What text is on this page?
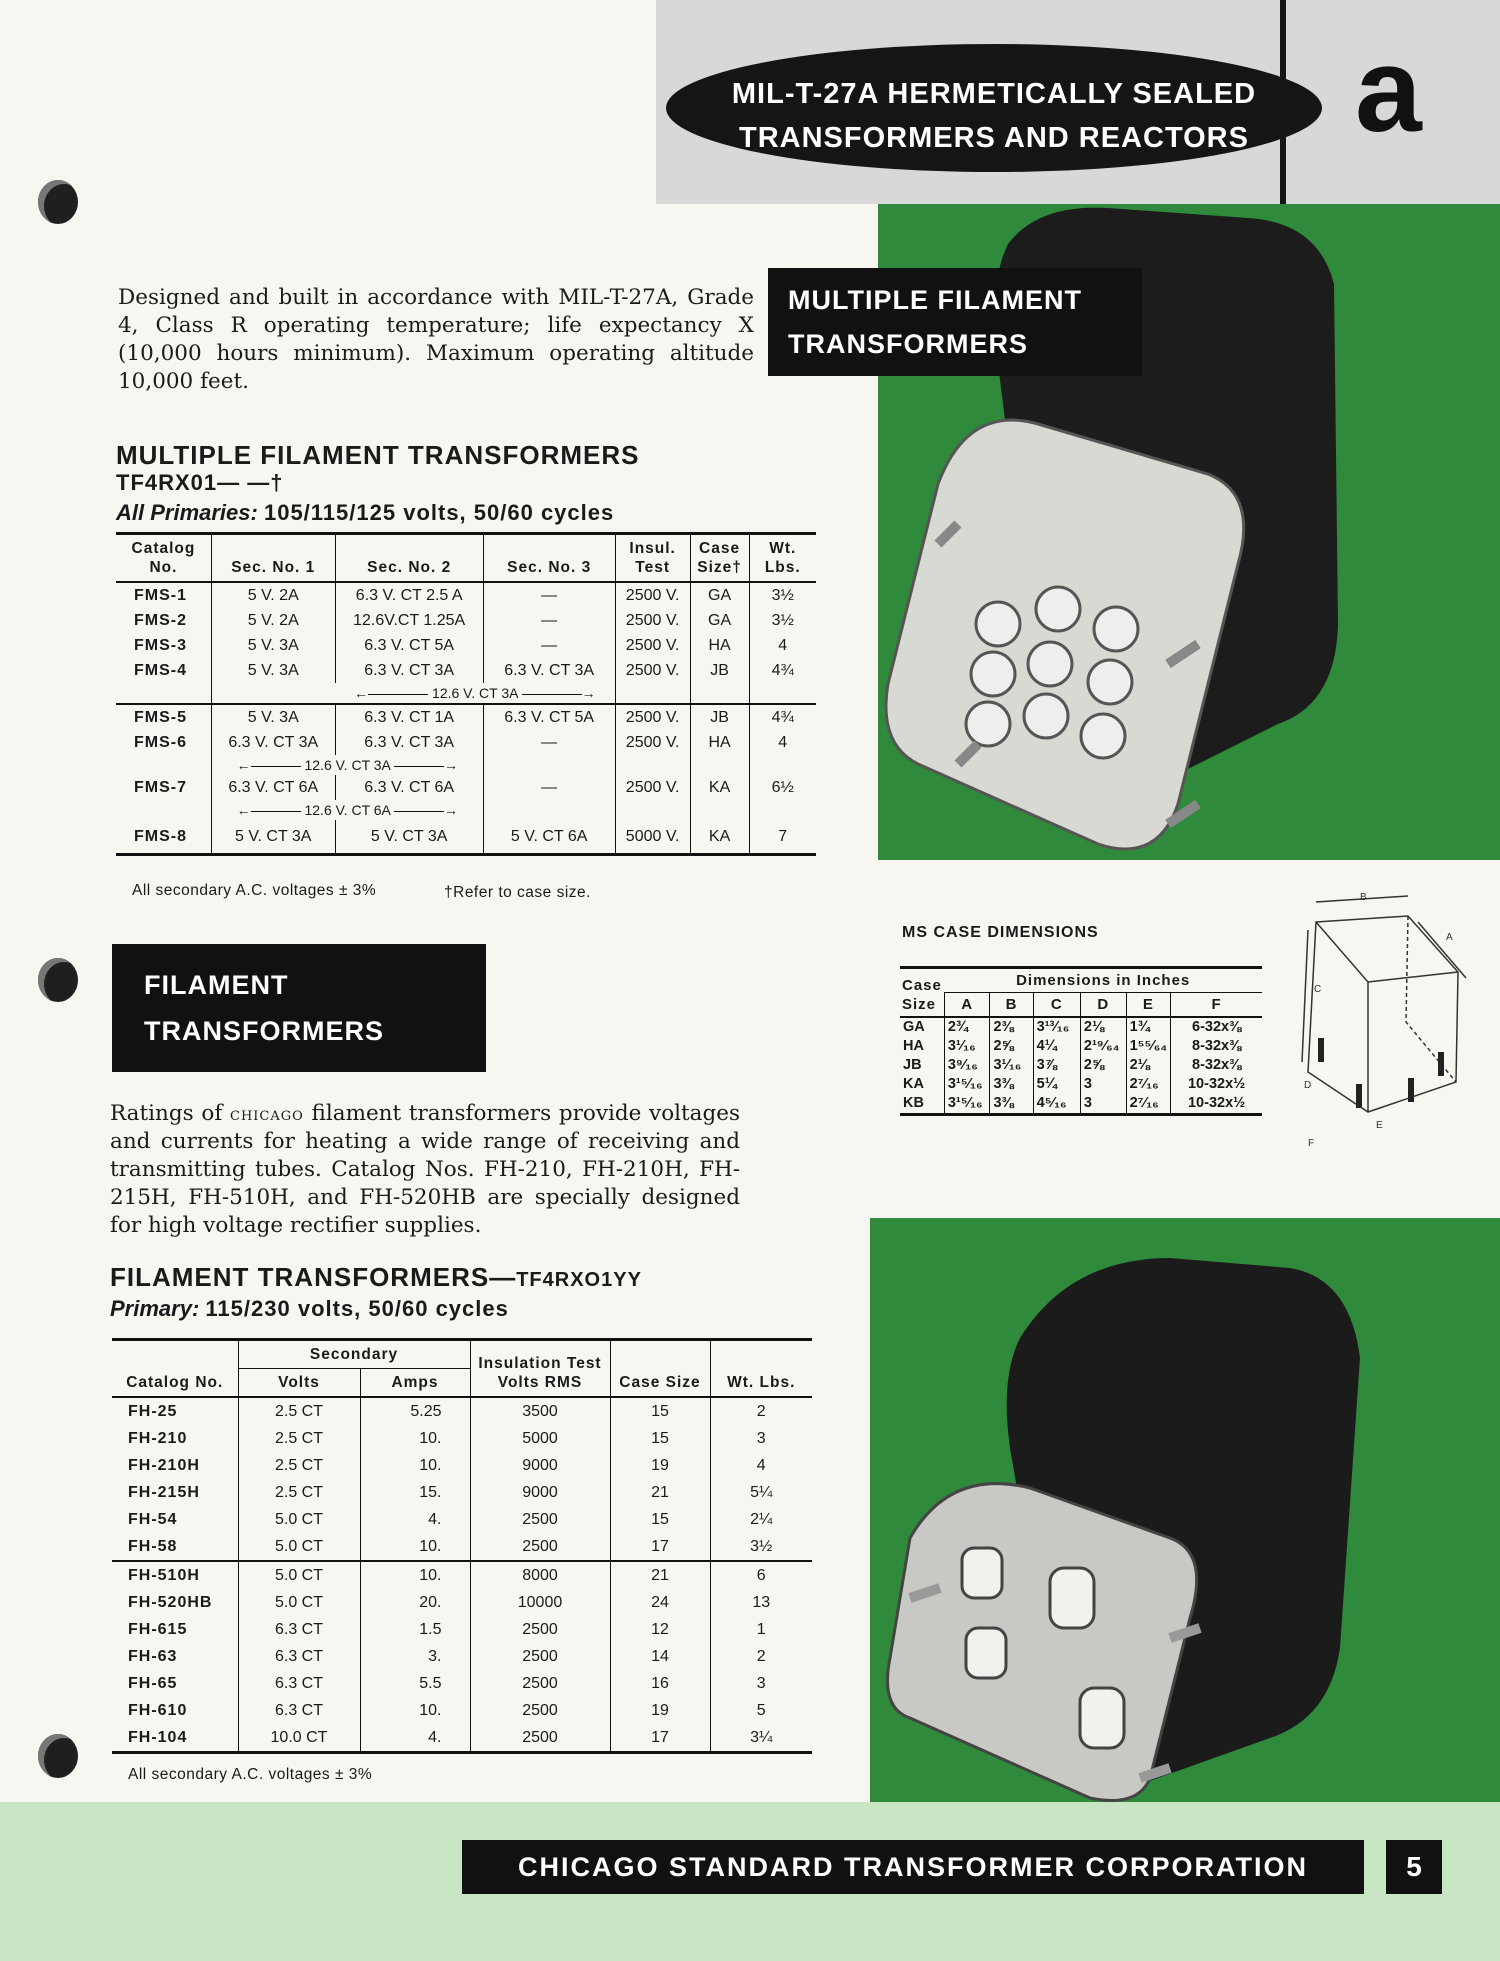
MIL-T-27A HERMETICALLY SEALED
TRANSFORMERS AND REACTORS a
MULTIPLE FILAMENT TRANSFORMERS

Designed and built in accordance with MIL-T-27A, Grade 4, Class R operating temperature; life expectancy X (10,000 hours minimum). Maximum operating altitude 10,000 feet.

MULTIPLE FILAMENT TRANSFORMERS
TF4RX01— —†
All Primaries: 105/115/125 volts, 50/60 cycles
Catalog No.	Sec. No. 1	Sec. No. 2	Sec. No. 3	Insul. Test	Case Size†	Wt. Lbs.
FMS-1	5 V. 2A	6.3 V. CT 2.5 A	—	2500 V.	GA	3½
FMS-2	5 V. 2A	12.6V.CT 1.25A	—	2500 V.	GA	3½
FMS-3	5 V. 3A	6.3 V. CT 5A	—	2500 V.	HA	4
FMS-4	5 V. 3A	6.3 V. CT 3A	6.3 V. CT 3A	2500 V.	JB	4¾
		← 12.6 V. CT 3A →				
FMS-5	5 V. 3A	6.3 V. CT 1A	6.3 V. CT 5A	2500 V.	JB	4¾
FMS-6	6.3 V. CT 3A	6.3 V. CT 3A	—	2500 V.	HA	4
	← 12.6 V. CT 3A →					
FMS-7	6.3 V. CT 6A	6.3 V. CT 6A	—	2500 V.	KA	6½
	← 12.6 V. CT 6A →					
FMS-8	5 V. CT 3A	5 V. CT 3A	5 V. CT 6A	5000 V.	KA	7
All secondary A.C. voltages ± 3%	†Refer to case size.
MS CASE DIMENSIONS
Case Size	Dimensions in Inches					
	A	B	C	D	E	F
GA	2¾	2⅜	3¹³⁄₁₆	2⅛	1¾	6-32x⅜
HA	3¹⁄₁₆	2⅝	4¼	2¹⁹⁄₆₄	1⁵⁵⁄₆₄	8-32x⅜
JB	3⁹⁄₁₆	3¹⁄₁₆	3⅞	2⅝	2⅛	8-32x⅜
KA	3¹⁵⁄₁₆	3⅜	5¼	3	2⁷⁄₁₆	10-32x½
KB	3¹⁵⁄₁₆	3⅜	4⁵⁄₁₆	3	2⁷⁄₁₆	10-32x½
B
A
C
D
E
F
FILAMENT TRANSFORMERS

Ratings of chicago filament transformers provide voltages and currents for heating a wide range of receiving and transmitting tubes. Catalog Nos. FH-210, FH-210H, FH-215H, FH-510H, and FH-520HB are specially designed for high voltage rectifier supplies.

FILAMENT TRANSFORMERS—TF4RXO1YY
Primary: 115/230 volts, 50/60 cycles
Catalog No.	Secondary		Insulation Test Volts RMS	Case Size	Wt. Lbs.
	Volts	Amps			
FH-25	2.5 CT	5.25	3500	15	2
FH-210	2.5 CT	10.	5000	15	3
FH-210H	2.5 CT	10.	9000	19	4
FH-215H	2.5 CT	15.	9000	21	5¼
FH-54	5.0 CT	4.	2500	15	2¼
FH-58	5.0 CT	10.	2500	17	3½
FH-510H	5.0 CT	10.	8000	21	6
FH-520HB	5.0 CT	20.	10000	24	13
FH-615	6.3 CT	1.5	2500	12	1
FH-63	6.3 CT	3.	2500	14	2
FH-65	6.3 CT	5.5	2500	16	3
FH-610	6.3 CT	10.	2500	19	5
FH-104	10.0 CT	4.	2500	17	3¼
All secondary A.C. voltages ± 3%
CHICAGO STANDARD TRANSFORMER CORPORATION	5
